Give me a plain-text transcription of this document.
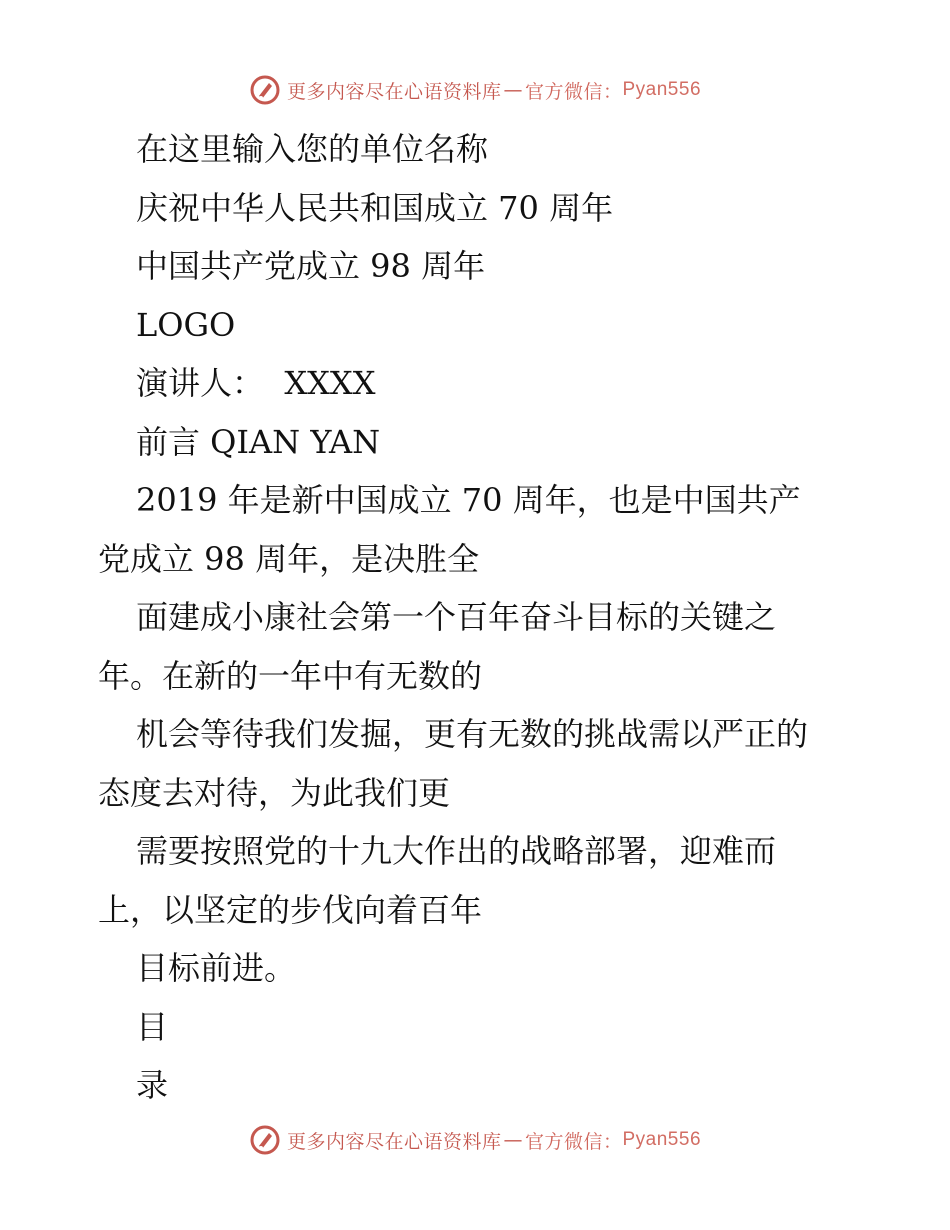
更多内容尽在心语资料库 — 官方微信： Pyan556

在这里输入您的单位名称

庆祝中华人民共和国成立 70 周年

中国共产党成立 98 周年

LOGO

演讲人：  XXXX

前言 QIAN YAN

2019 年是新中国成立 70 周年，也是中国共产

党成立 98 周年，是决胜全

面建成小康社会第一个百年奋斗目标的关键之

年。在新的一年中有无数的

机会等待我们发掘，更有无数的挑战需以严正的

态度去对待，为此我们更

需要按照党的十九大作出的战略部署，迎难而

上，以坚定的步伐向着百年

目标前进。

目

录

更多内容尽在心语资料库 — 官方微信： Pyan556
